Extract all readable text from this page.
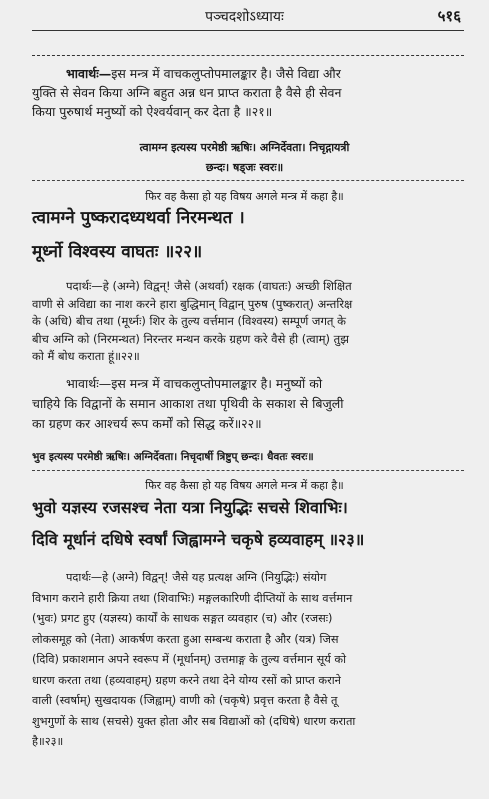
पञ्चदशोऽध्यायः	५१६
भावार्थः—इस मन्त्र में वाचकलुप्तोपमालङ्कार है। जैसे विद्या और
युक्ति से सेवन किया अग्नि बहुत अन्न धन प्राप्त कराता है वैसे ही सेवन
किया पुरुषार्थ मनुष्यों को ऐश्वर्यवान् कर देता है ॥२१॥
त्वामग्न इत्यस्य परमेष्ठी ऋषिः। अग्निर्देवता। निचृद्गायत्री
छन्दः। षड्जः स्वरः॥
फिर वह कैसा हो यह विषय अगले मन्त्र में कहा है॥
त्वामग्ने पुष्करादध्यथर्वा निरमन्थत ।
मूर्ध्नो विश्वस्य वाघतः ॥२२॥
पदार्थः—हे (अग्ने) विद्वन्! जैसे (अथर्वा) रक्षक (वाघतः) अच्छी शिक्षित
वाणी से अविद्या का नाश करने हारा बुद्धिमान् विद्वान् पुरुष (पुष्करात्) अन्तरिक्ष
के (अधि) बीच तथा (मूर्ध्नः) शिर के तुल्य वर्त्तमान (विश्वस्य) सम्पूर्ण जगत् के
बीच अग्नि को (निरमन्थत) निरन्तर मन्थन करके ग्रहण करे वैसे ही (त्वाम्) तुझ
को मैं बोध कराता हूं॥२२॥
भावार्थः—इस मन्त्र में वाचकलुप्तोपमालङ्कार है। मनुष्यों को
चाहिये कि विद्वानों के समान आकाश तथा पृथिवी के सकाश से बिजुली
का ग्रहण कर आश्चर्य रूप कर्मों को सिद्ध करें॥२२॥
भुव इत्यस्य परमेष्ठी ऋषिः। अग्निर्देवता। निचृदार्षी त्रिष्टुप् छन्दः। धैवतः स्वरः॥
फिर वह कैसा हो यह विषय अगले मन्त्र में कहा है॥
भुवो यज्ञस्य रजसश्च नेता यत्रा नियुद्भिः सचसे शिवाभिः।
दिवि मूर्धानं दधिषे स्वर्षां जिह्वामग्ने चकृषे हव्यवाहम् ॥२३॥
पदार्थः—हे (अग्ने) विद्वन्! जैसे यह प्रत्यक्ष अग्नि (नियुद्भिः) संयोग
विभाग कराने हारी क्रिया तथा (शिवाभिः) मङ्गलकारिणी दीप्तियों के साथ वर्त्तमान
(भुवः) प्रगट हुए (यज्ञस्य) कार्यों के साधक सङ्गत व्यवहार (च) और (रजसः)
लोकसमूह को (नेता) आकर्षण करता हुआ सम्बन्ध कराता है और (यत्र) जिस
(दिवि) प्रकाशमान अपने स्वरूप में (मूर्धानम्) उत्तमाङ्ग के तुल्य वर्त्तमान सूर्य को
धारण करता तथा (हव्यवाहम्) ग्रहण करने तथा देने योग्य रसों को प्राप्त कराने
वाली (स्वर्षाम्) सुखदायक (जिह्वाम्) वाणी को (चकृषे) प्रवृत्त करता है वैसे तू
शुभगुणों के साथ (सचसे) युक्त होता और सब विद्याओं को (दधिषे) धारण कराता
है॥२३॥
